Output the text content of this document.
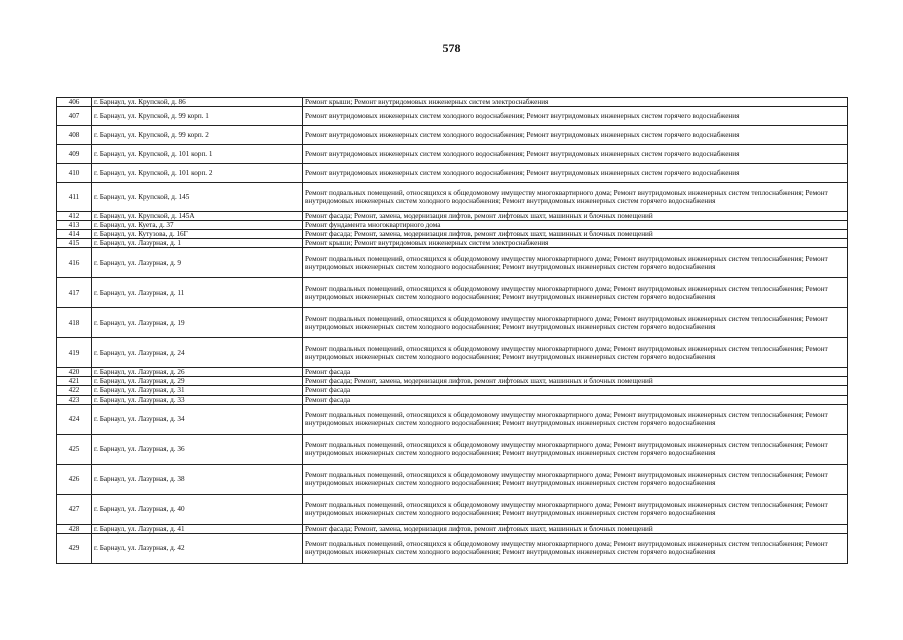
578
406	г. Барнаул, ул. Крупской, д. 86	Ремонт крыши; Ремонт внутридомовых инженерных систем электроснабжения
407	г. Барнаул, ул. Крупской, д. 99 корп. 1	Ремонт внутридомовых инженерных систем холодного водоснабжения; Ремонт внутридомовых инженерных систем горячего водоснабжения
408	г. Барнаул, ул. Крупской, д. 99 корп. 2	Ремонт внутридомовых инженерных систем холодного водоснабжения; Ремонт внутридомовых инженерных систем горячего водоснабжения
409	г. Барнаул, ул. Крупской, д. 101 корп. 1	Ремонт внутридомовых инженерных систем холодного водоснабжения; Ремонт внутридомовых инженерных систем горячего водоснабжения
410	г. Барнаул, ул. Крупской, д. 101 корп. 2	Ремонт внутридомовых инженерных систем холодного водоснабжения; Ремонт внутридомовых инженерных систем горячего водоснабжения
411	г. Барнаул, ул. Крупской, д. 145	Ремонт подвальных помещений, относящихся к общедомовому имуществу многоквартирного дома; Ремонт внутридомовых инженерных систем теплоснабжения; Ремонт внутридомовых инженерных систем холодного водоснабжения; Ремонт внутридомовых инженерных систем горячего водоснабжения
412	г. Барнаул, ул. Крупской, д. 145А	Ремонт фасада; Ремонт, замена, модернизация лифтов, ремонт лифтовых шахт, машинных и блочных помещений
413	г. Барнаул, ул. Куета, д. 37	Ремонт фундамента многоквартирного дома
414	г. Барнаул, ул. Кутузова, д. 16Г	Ремонт фасада; Ремонт, замена, модернизация лифтов, ремонт лифтовых шахт, машинных и блочных помещений
415	г. Барнаул, ул. Лазурная, д. 1	Ремонт крыши; Ремонт внутридомовых инженерных систем электроснабжения
416	г. Барнаул, ул. Лазурная, д. 9	Ремонт подвальных помещений, относящихся к общедомовому имуществу многоквартирного дома; Ремонт внутридомовых инженерных систем теплоснабжения; Ремонт внутридомовых инженерных систем холодного водоснабжения; Ремонт внутридомовых инженерных систем горячего водоснабжения
417	г. Барнаул, ул. Лазурная, д. 11	Ремонт подвальных помещений, относящихся к общедомовому имуществу многоквартирного дома; Ремонт внутридомовых инженерных систем теплоснабжения; Ремонт внутридомовых инженерных систем холодного водоснабжения; Ремонт внутридомовых инженерных систем горячего водоснабжения
418	г. Барнаул, ул. Лазурная, д. 19	Ремонт подвальных помещений, относящихся к общедомовому имуществу многоквартирного дома; Ремонт внутридомовых инженерных систем теплоснабжения; Ремонт внутридомовых инженерных систем холодного водоснабжения; Ремонт внутридомовых инженерных систем горячего водоснабжения
419	г. Барнаул, ул. Лазурная, д. 24	Ремонт подвальных помещений, относящихся к общедомовому имуществу многоквартирного дома; Ремонт внутридомовых инженерных систем теплоснабжения; Ремонт внутридомовых инженерных систем холодного водоснабжения; Ремонт внутридомовых инженерных систем горячего водоснабжения
420	г. Барнаул, ул. Лазурная, д. 26	Ремонт фасада
421	г. Барнаул, ул. Лазурная, д. 29	Ремонт фасада; Ремонт, замена, модернизация лифтов, ремонт лифтовых шахт, машинных и блочных помещений
422	г. Барнаул, ул. Лазурная, д. 31	Ремонт фасада
423	г. Барнаул, ул. Лазурная, д. 33	Ремонт фасада
424	г. Барнаул, ул. Лазурная, д. 34	Ремонт подвальных помещений, относящихся к общедомовому имуществу многоквартирного дома; Ремонт внутридомовых инженерных систем теплоснабжения; Ремонт внутридомовых инженерных систем холодного водоснабжения; Ремонт внутридомовых инженерных систем горячего водоснабжения
425	г. Барнаул, ул. Лазурная, д. 36	Ремонт подвальных помещений, относящихся к общедомовому имуществу многоквартирного дома; Ремонт внутридомовых инженерных систем теплоснабжения; Ремонт внутридомовых инженерных систем холодного водоснабжения; Ремонт внутридомовых инженерных систем горячего водоснабжения
426	г. Барнаул, ул. Лазурная, д. 38	Ремонт подвальных помещений, относящихся к общедомовому имуществу многоквартирного дома; Ремонт внутридомовых инженерных систем теплоснабжения; Ремонт внутридомовых инженерных систем холодного водоснабжения; Ремонт внутридомовых инженерных систем горячего водоснабжения
427	г. Барнаул, ул. Лазурная, д. 40	Ремонт подвальных помещений, относящихся к общедомовому имуществу многоквартирного дома; Ремонт внутридомовых инженерных систем теплоснабжения; Ремонт внутридомовых инженерных систем холодного водоснабжения; Ремонт внутридомовых инженерных систем горячего водоснабжения
428	г. Барнаул, ул. Лазурная, д. 41	Ремонт фасада; Ремонт, замена, модернизация лифтов, ремонт лифтовых шахт, машинных и блочных помещений
429	г. Барнаул, ул. Лазурная, д. 42	Ремонт подвальных помещений, относящихся к общедомовому имуществу многоквартирного дома; Ремонт внутридомовых инженерных систем теплоснабжения; Ремонт внутридомовых инженерных систем холодного водоснабжения; Ремонт внутридомовых инженерных систем горячего водоснабжения
